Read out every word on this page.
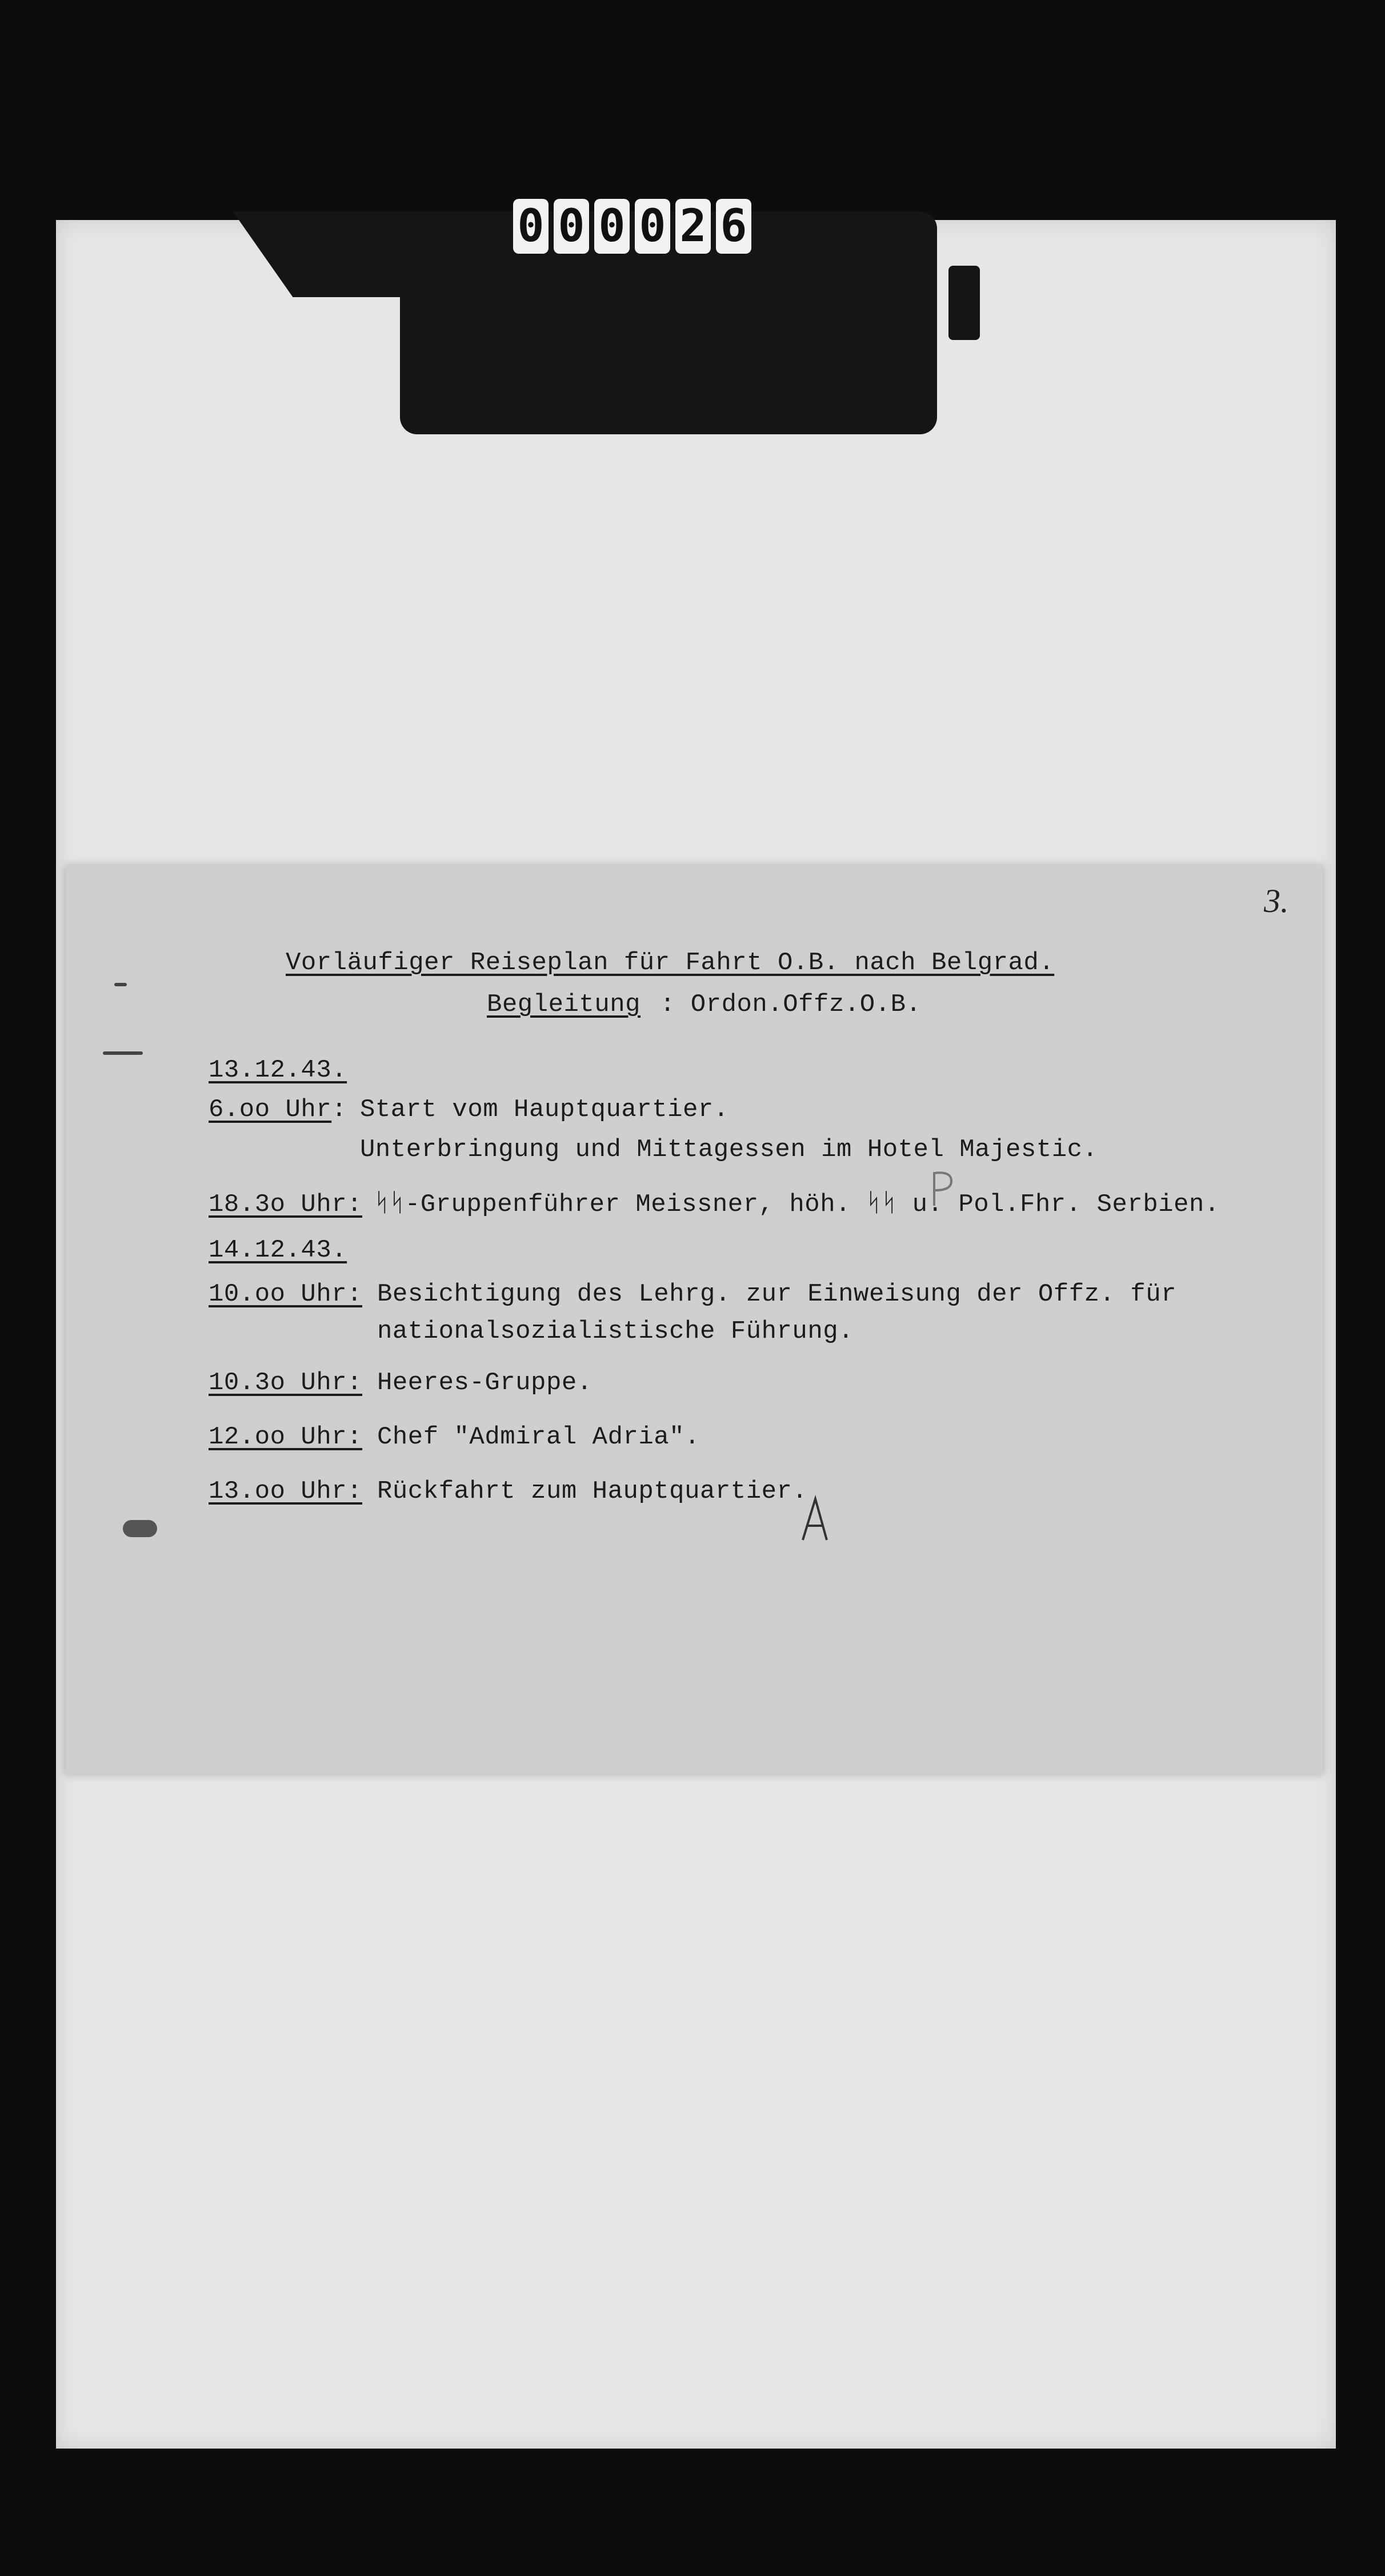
0 0 0 0 2 6
3.
Vorläufiger Reiseplan für Fahrt O.B. nach Belgrad.
Begleitung : Ordon.Offz.O.B.
13.12.43.
6.oo Uhr: Start vom Hauptquartier.
Unterbringung und Mittagessen im Hotel Majestic.
18.3o Uhr: ᛋᛋ-Gruppenführer Meissner, höh. ᛋᛋ u. Pol.Fhr. Serbien.
14.12.43.
10.oo Uhr: Besichtigung des Lehrg. zur Einweisung der Offz. für
nationalsozialistische Führung.
10.3o Uhr: Heeres-Gruppe.
12.oo Uhr: Chef "Admiral Adria".
13.oo Uhr: Rückfahrt zum Hauptquartier.
